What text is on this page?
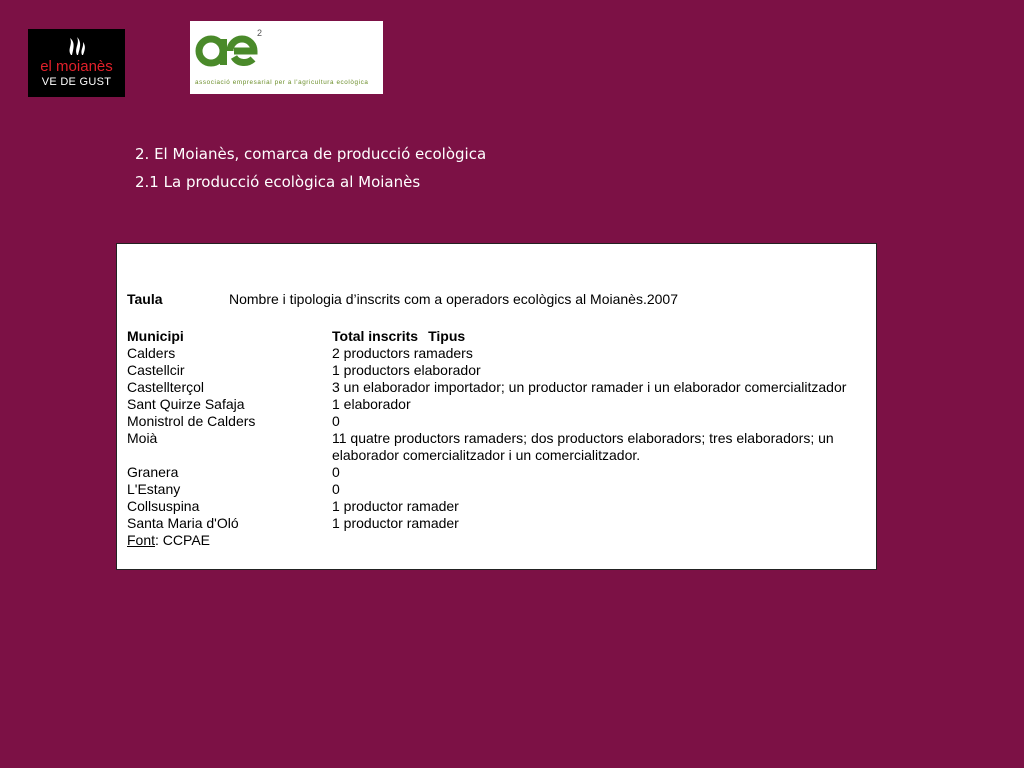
el moianès
VE DE GUST
2
associació empresarial per a l'agricultura ecològica
2. El Moianès, comarca de producció ecològica
2.1 La producció ecològica al Moianès
Taula	Nombre i tipologia d’inscrits com a operadors ecològics al Moianès.2007
Municipi	Total inscrits Tipus
Calders	2 productors ramaders
Castellcir	1 productors elaborador
Castellterçol	3 un elaborador importador; un productor ramader i un elaborador comercialitzador
Sant Quirze Safaja	1 elaborador
Monistrol de Calders	0
Moià	11 quatre productors ramaders; dos productors elaboradors; tres elaboradors; un elaborador comercialitzador i un comercialitzador.
Granera	0
L'Estany	0
Collsuspina	1 productor ramader
Santa Maria d'Oló	1 productor ramader
Font: CCPAE
